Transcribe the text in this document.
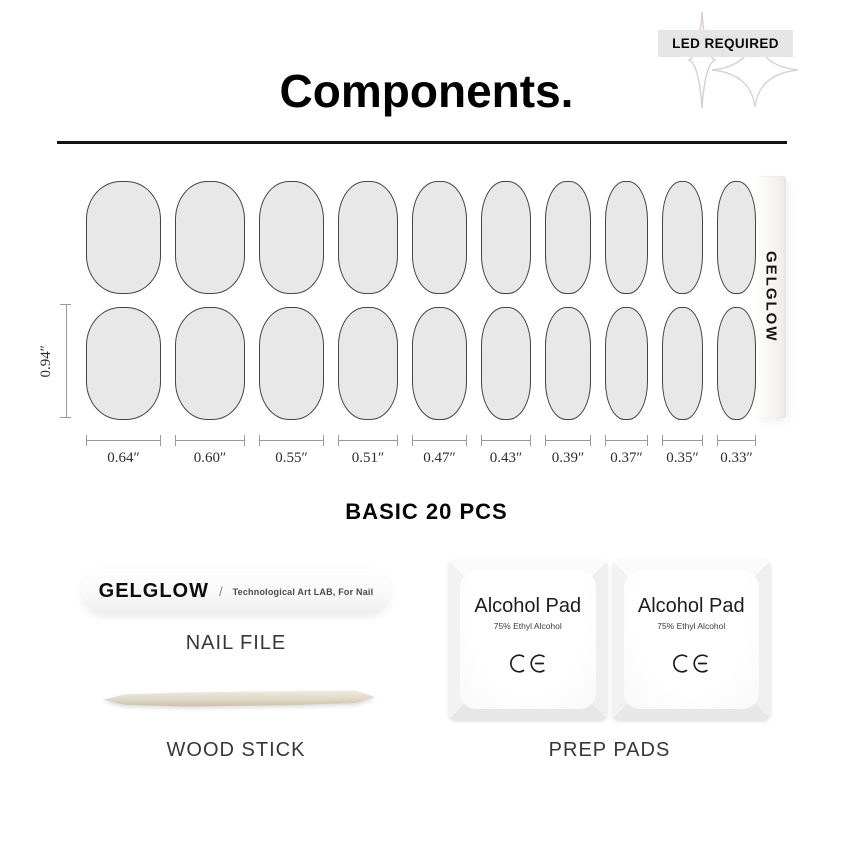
LED REQUIRED
Components.
0.94″
0.64″	0.60″	0.55″	0.51″	0.47″	0.43″	0.39″	0.37″	0.35″ 0.33″
GELGLOW
BASIC 20 PCS
GELGLOW / Technological Art LAB, For Nail
NAIL FILE
WOOD STICK
Alcohol Pad
75% Ethyl Alcohol
Alcohol Pad
75% Ethyl Alcohol
PREP PADS
